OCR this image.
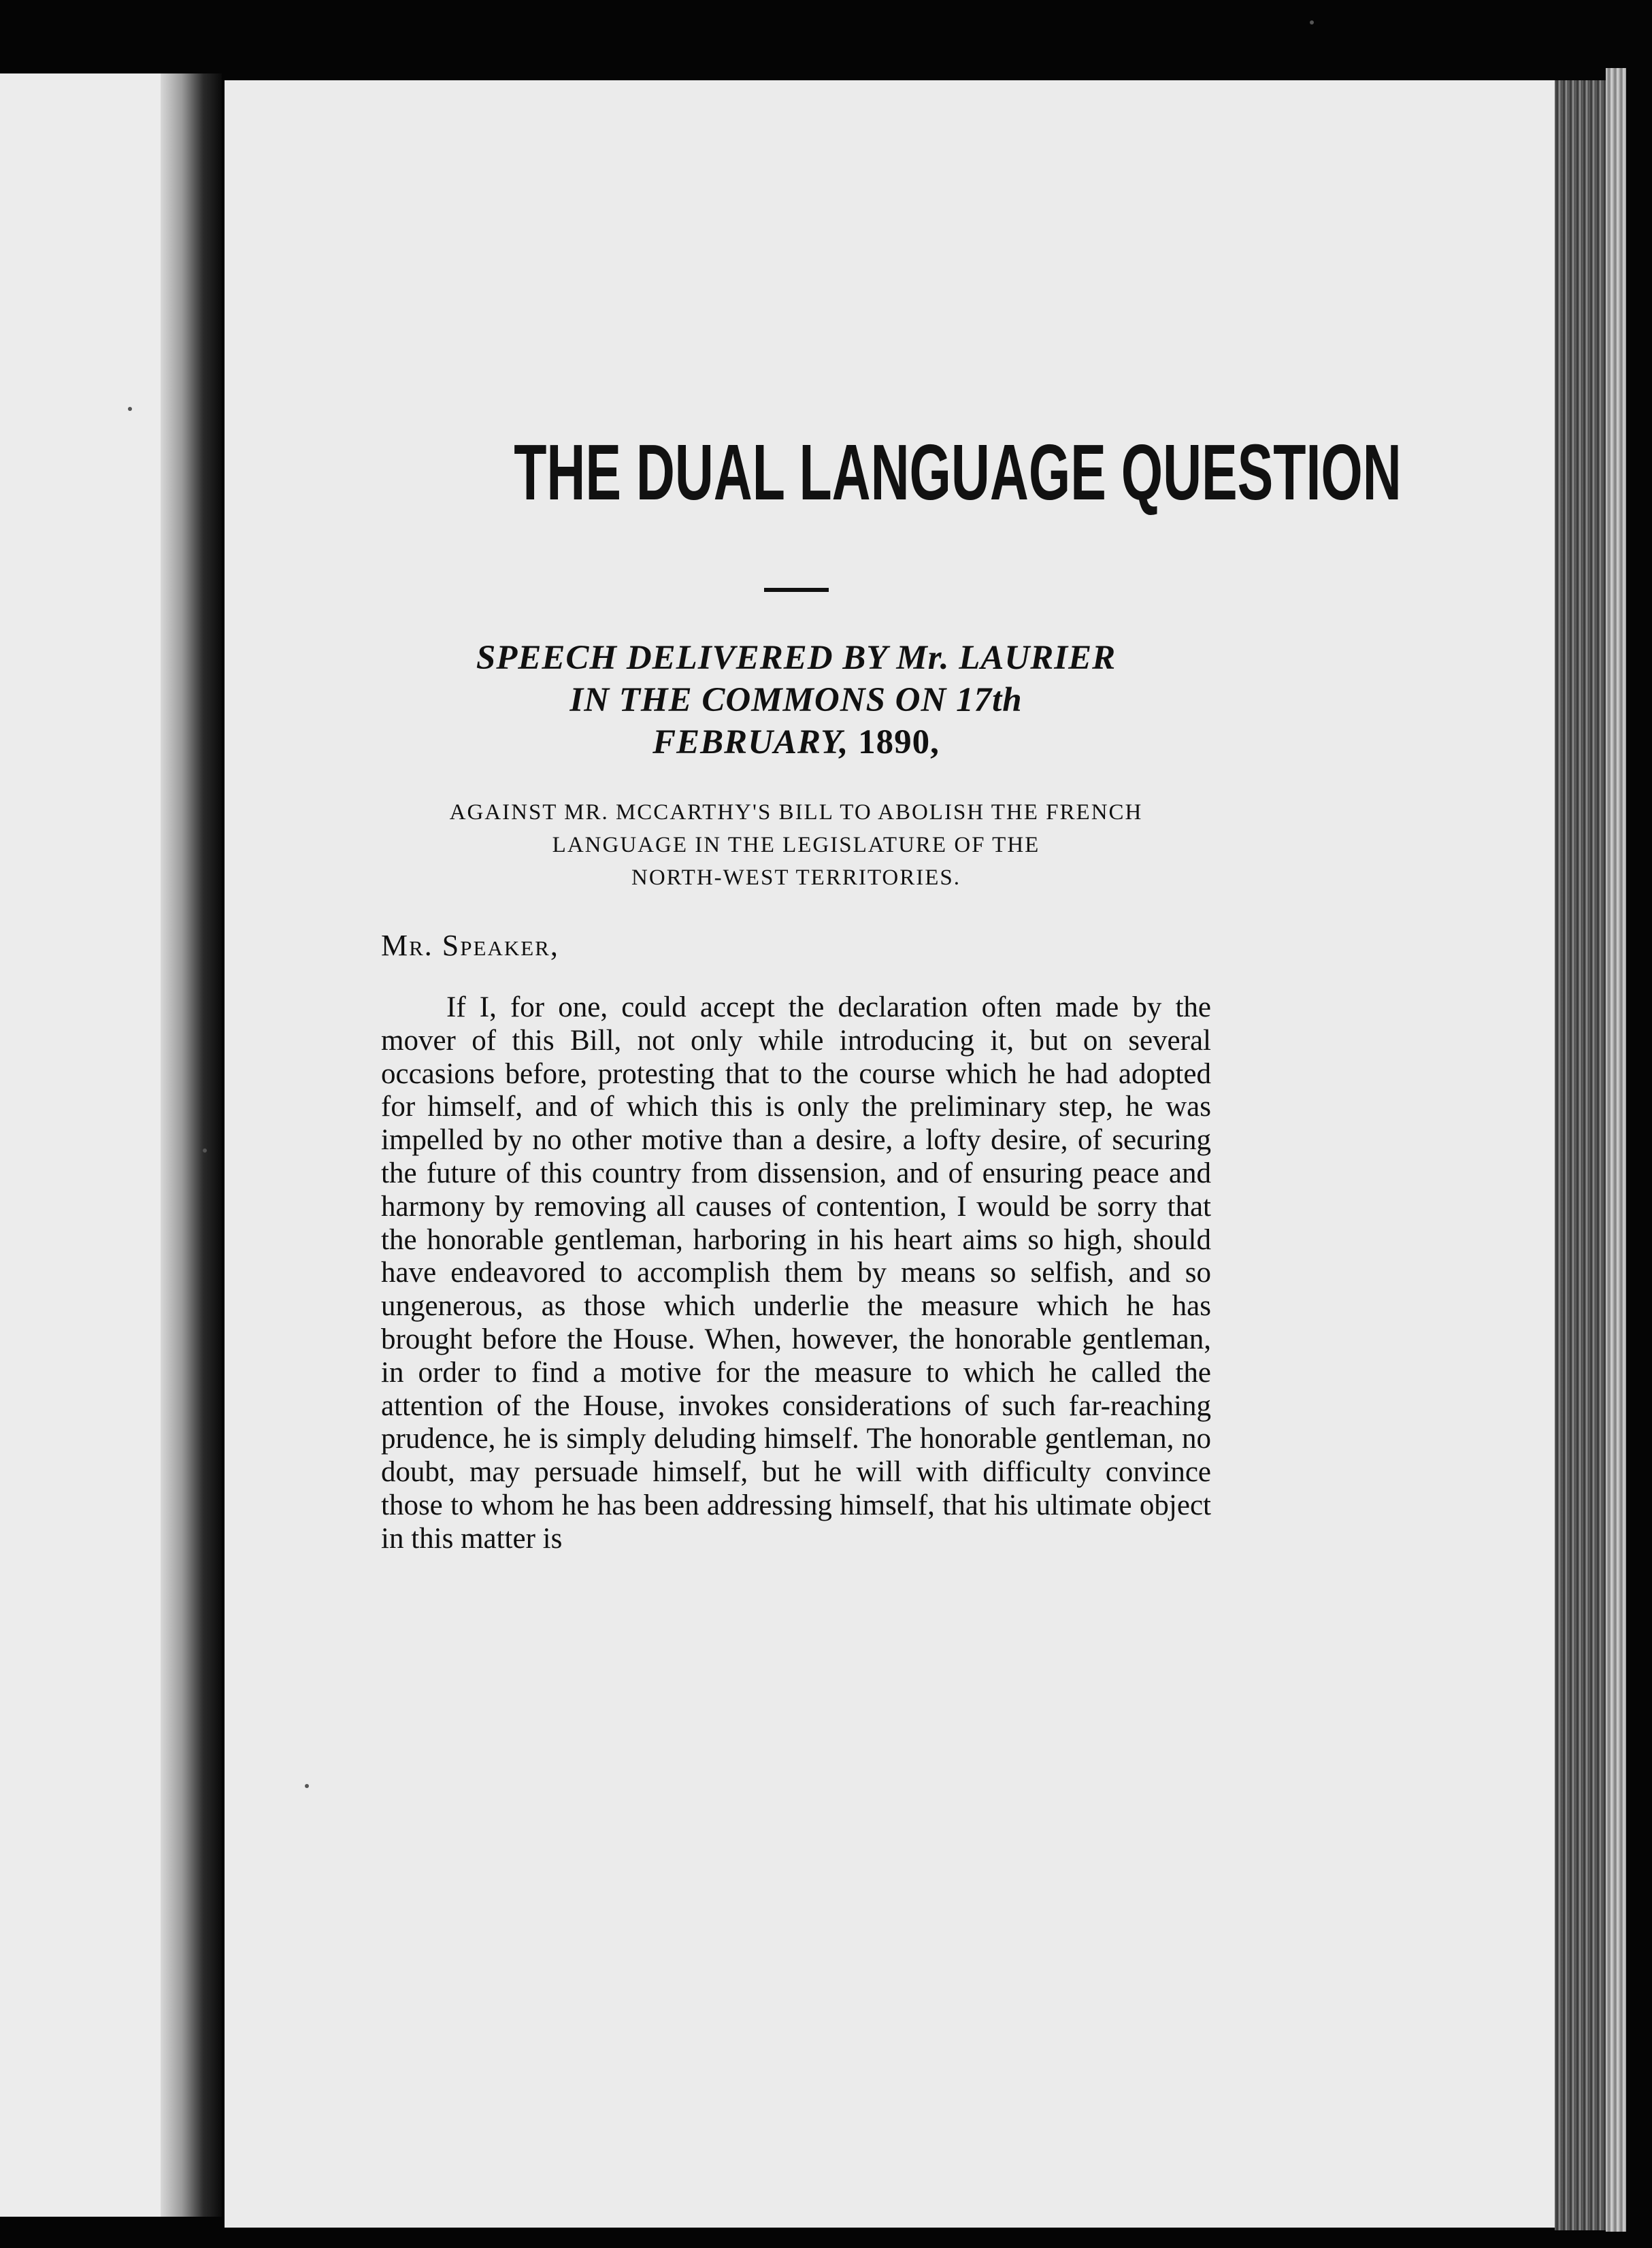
THE DUAL LANGUAGE QUESTION
SPEECH DELIVERED BY Mr. LAURIER
IN THE COMMONS ON 17th
FEBRUARY, 1890,
AGAINST MR. MCCARTHY'S BILL TO ABOLISH THE FRENCH
LANGUAGE IN THE LEGISLATURE OF THE
NORTH-WEST TERRITORIES.
Mr. Speaker,

If I, for one, could accept the declaration often made by the mover of this Bill, not only while introducing it, but on several occasions before, protesting that to the course which he had adopted for himself, and of which this is only the preliminary step, he was impelled by no other motive than a desire, a lofty desire, of securing the future of this country from dissension, and of ensuring peace and harmony by removing all causes of contention, I would be sorry that the honorable gentleman, harboring in his heart aims so high, should have endeavored to accomplish them by means so selfish, and so ungenerous, as those which underlie the measure which he has brought before the House. When, however, the honorable gentleman, in order to find a motive for the measure to which he called the attention of the House, invokes considerations of such far-reaching prudence, he is simply deluding himself. The honorable gentleman, no doubt, may persuade himself, but he will with difficulty convince those to whom he has been addressing himself, that his ultimate object in this matter is
